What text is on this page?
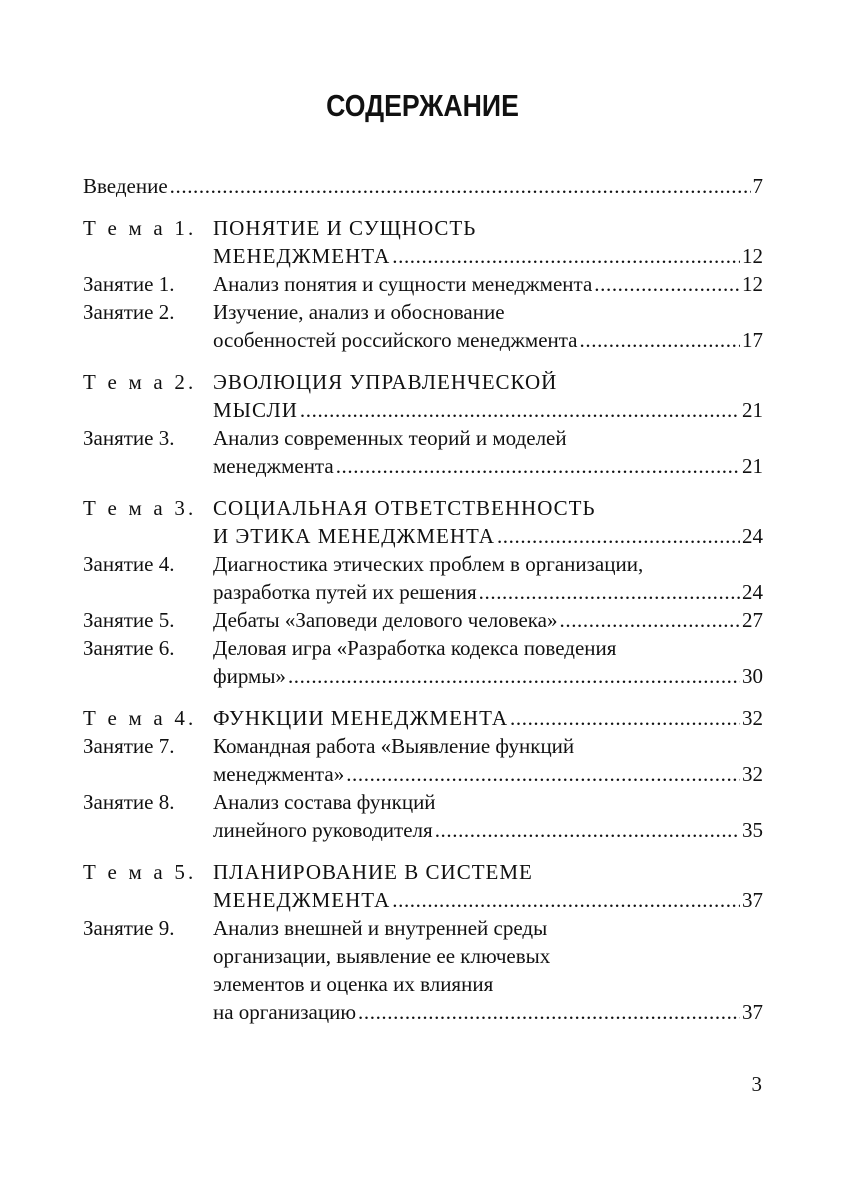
СОДЕРЖАНИЕ
Введение .....	7
Т е м а 1. ПОНЯТИЕ И СУЩНОСТЬ
МЕНЕДЖМЕНТА .....	12
Занятие 1.	Анализ понятия и сущности менеджмента .....	12
Занятие 2.	Изучение, анализ и обоснование
особенностей российского менеджмента .....	17
Т е м а 2. ЭВОЛЮЦИЯ УПРАВЛЕНЧЕСКОЙ
МЫСЛИ .....	21
Занятие 3.	Анализ современных теорий и моделей
менеджмента .....	21
Т е м а 3. СОЦИАЛЬНАЯ ОТВЕТСТВЕННОСТЬ
И ЭТИКА МЕНЕДЖМЕНТА .....	24
Занятие 4.	Диагностика этических проблем в организации,
разработка путей их решения .....	24
Занятие 5.	Дебаты «Заповеди делового человека» .....	27
Занятие 6.	Деловая игра «Разработка кодекса поведения
фирмы» .....	30
Т е м а 4. ФУНКЦИИ МЕНЕДЖМЕНТА .....	32
Занятие 7.	Командная работа «Выявление функций
менеджмента» .....	32
Занятие 8.	Анализ состава функций
линейного руководителя .....	35
Т е м а 5. ПЛАНИРОВАНИЕ В СИСТЕМЕ
МЕНЕДЖМЕНТА .....	37
Занятие 9.	Анализ внешней и внутренней среды
организации, выявление ее ключевых
элементов и оценка их влияния
на организацию .....	37
3
